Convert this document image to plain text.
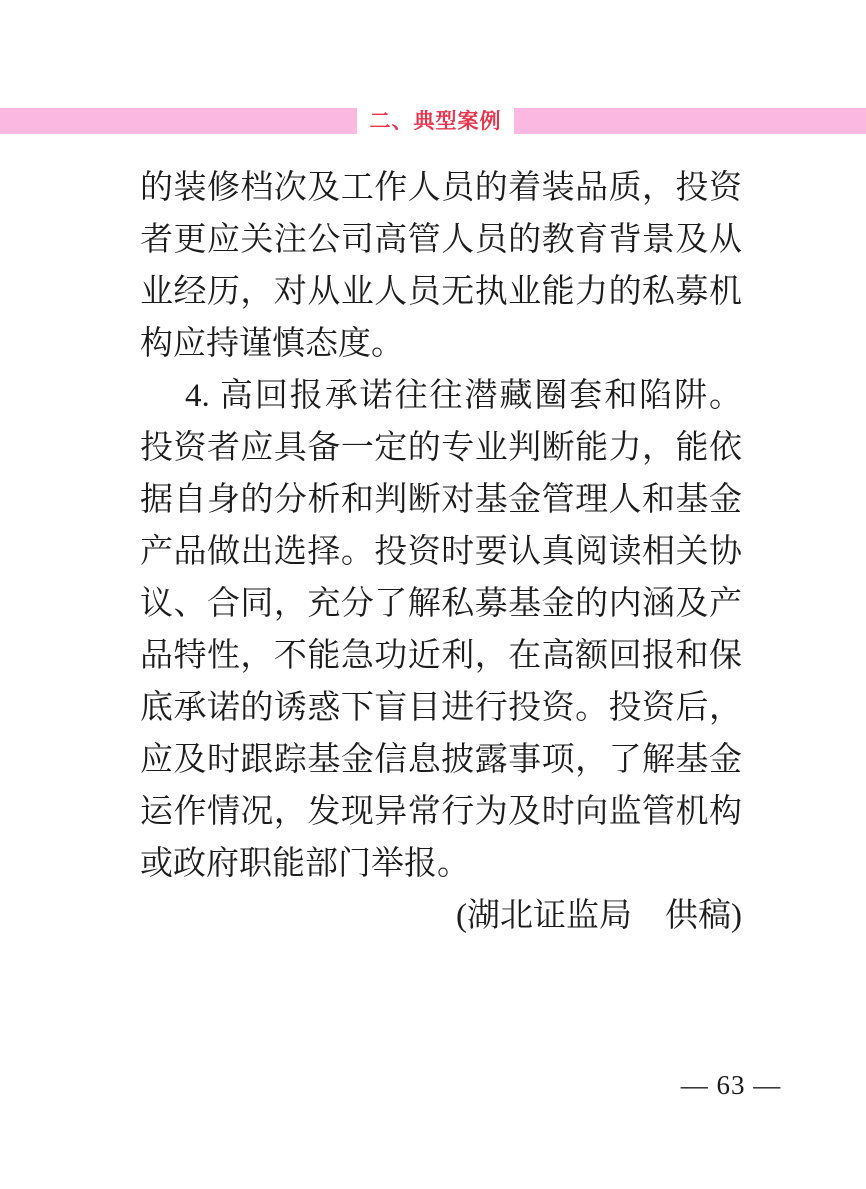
二、典型案例

的装修档次及工作人员的着装品质，投资者更应关注公司高管人员的教育背景及从业经历，对从业人员无执业能力的私募机构应持谨慎态度。

4. 高回报承诺往往潜藏圈套和陷阱。投资者应具备一定的专业判断能力，能依据自身的分析和判断对基金管理人和基金产品做出选择。投资时要认真阅读相关协议、合同，充分了解私募基金的内涵及产品特性，不能急功近利，在高额回报和保底承诺的诱惑下盲目进行投资。投资后，应及时跟踪基金信息披露事项，了解基金运作情况，发现异常行为及时向监管机构或政府职能部门举报。

(湖北证监局　供稿)

— 63 —
